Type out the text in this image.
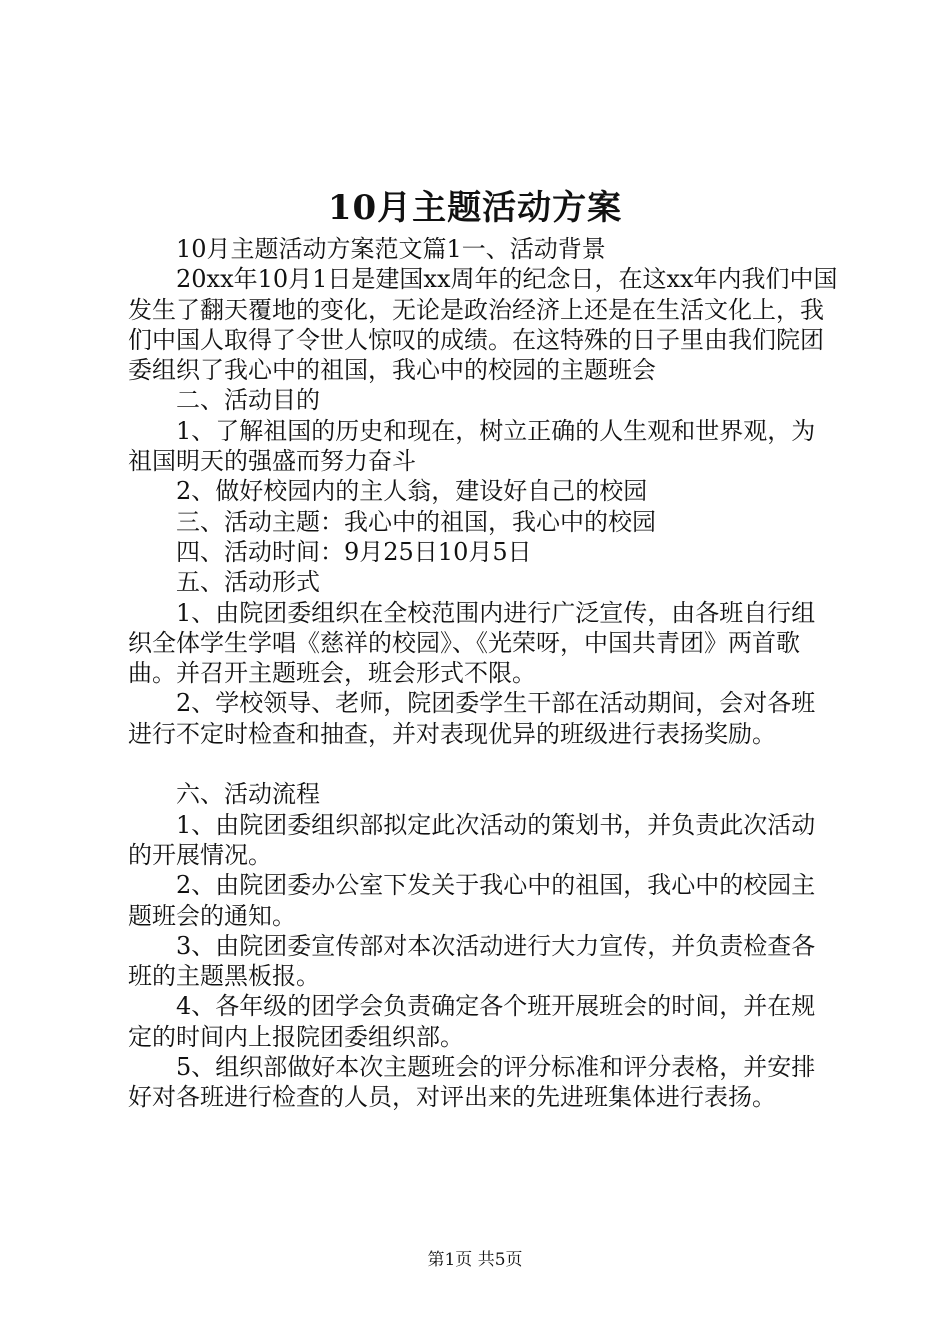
10月主题活动方案

10月主题活动方案范文篇1一、活动背景

20xx年10月1日是建国xx周年的纪念日，在这xx年内我们中国发生了翻天覆地的变化，无论是政治经济上还是在生活文化上，我们中国人取得了令世人惊叹的成绩。在这特殊的日子里由我们院团委组织了我心中的祖国，我心中的校园的主题班会

二、活动目的

1、了解祖国的历史和现在，树立正确的人生观和世界观，为祖国明天的强盛而努力奋斗

2、做好校园内的主人翁，建设好自己的校园

三、活动主题：我心中的祖国，我心中的校园

四、活动时间：9月25日10月5日

五、活动形式

1、由院团委组织在全校范围内进行广泛宣传，由各班自行组织全体学生学唱《慈祥的校园》、《光荣呀，中国共青团》两首歌曲。并召开主题班会，班会形式不限。

2、学校领导、老师，院团委学生干部在活动期间，会对各班进行不定时检查和抽查，并对表现优异的班级进行表扬奖励。

六、活动流程

1、由院团委组织部拟定此次活动的策划书，并负责此次活动的开展情况。

2、由院团委办公室下发关于我心中的祖国，我心中的校园主题班会的通知。

3、由院团委宣传部对本次活动进行大力宣传，并负责检查各班的主题黑板报。

4、各年级的团学会负责确定各个班开展班会的时间，并在规定的时间内上报院团委组织部。

5、组织部做好本次主题班会的评分标准和评分表格，并安排好对各班进行检查的人员，对评出来的先进班集体进行表扬。

第1页 共5页
